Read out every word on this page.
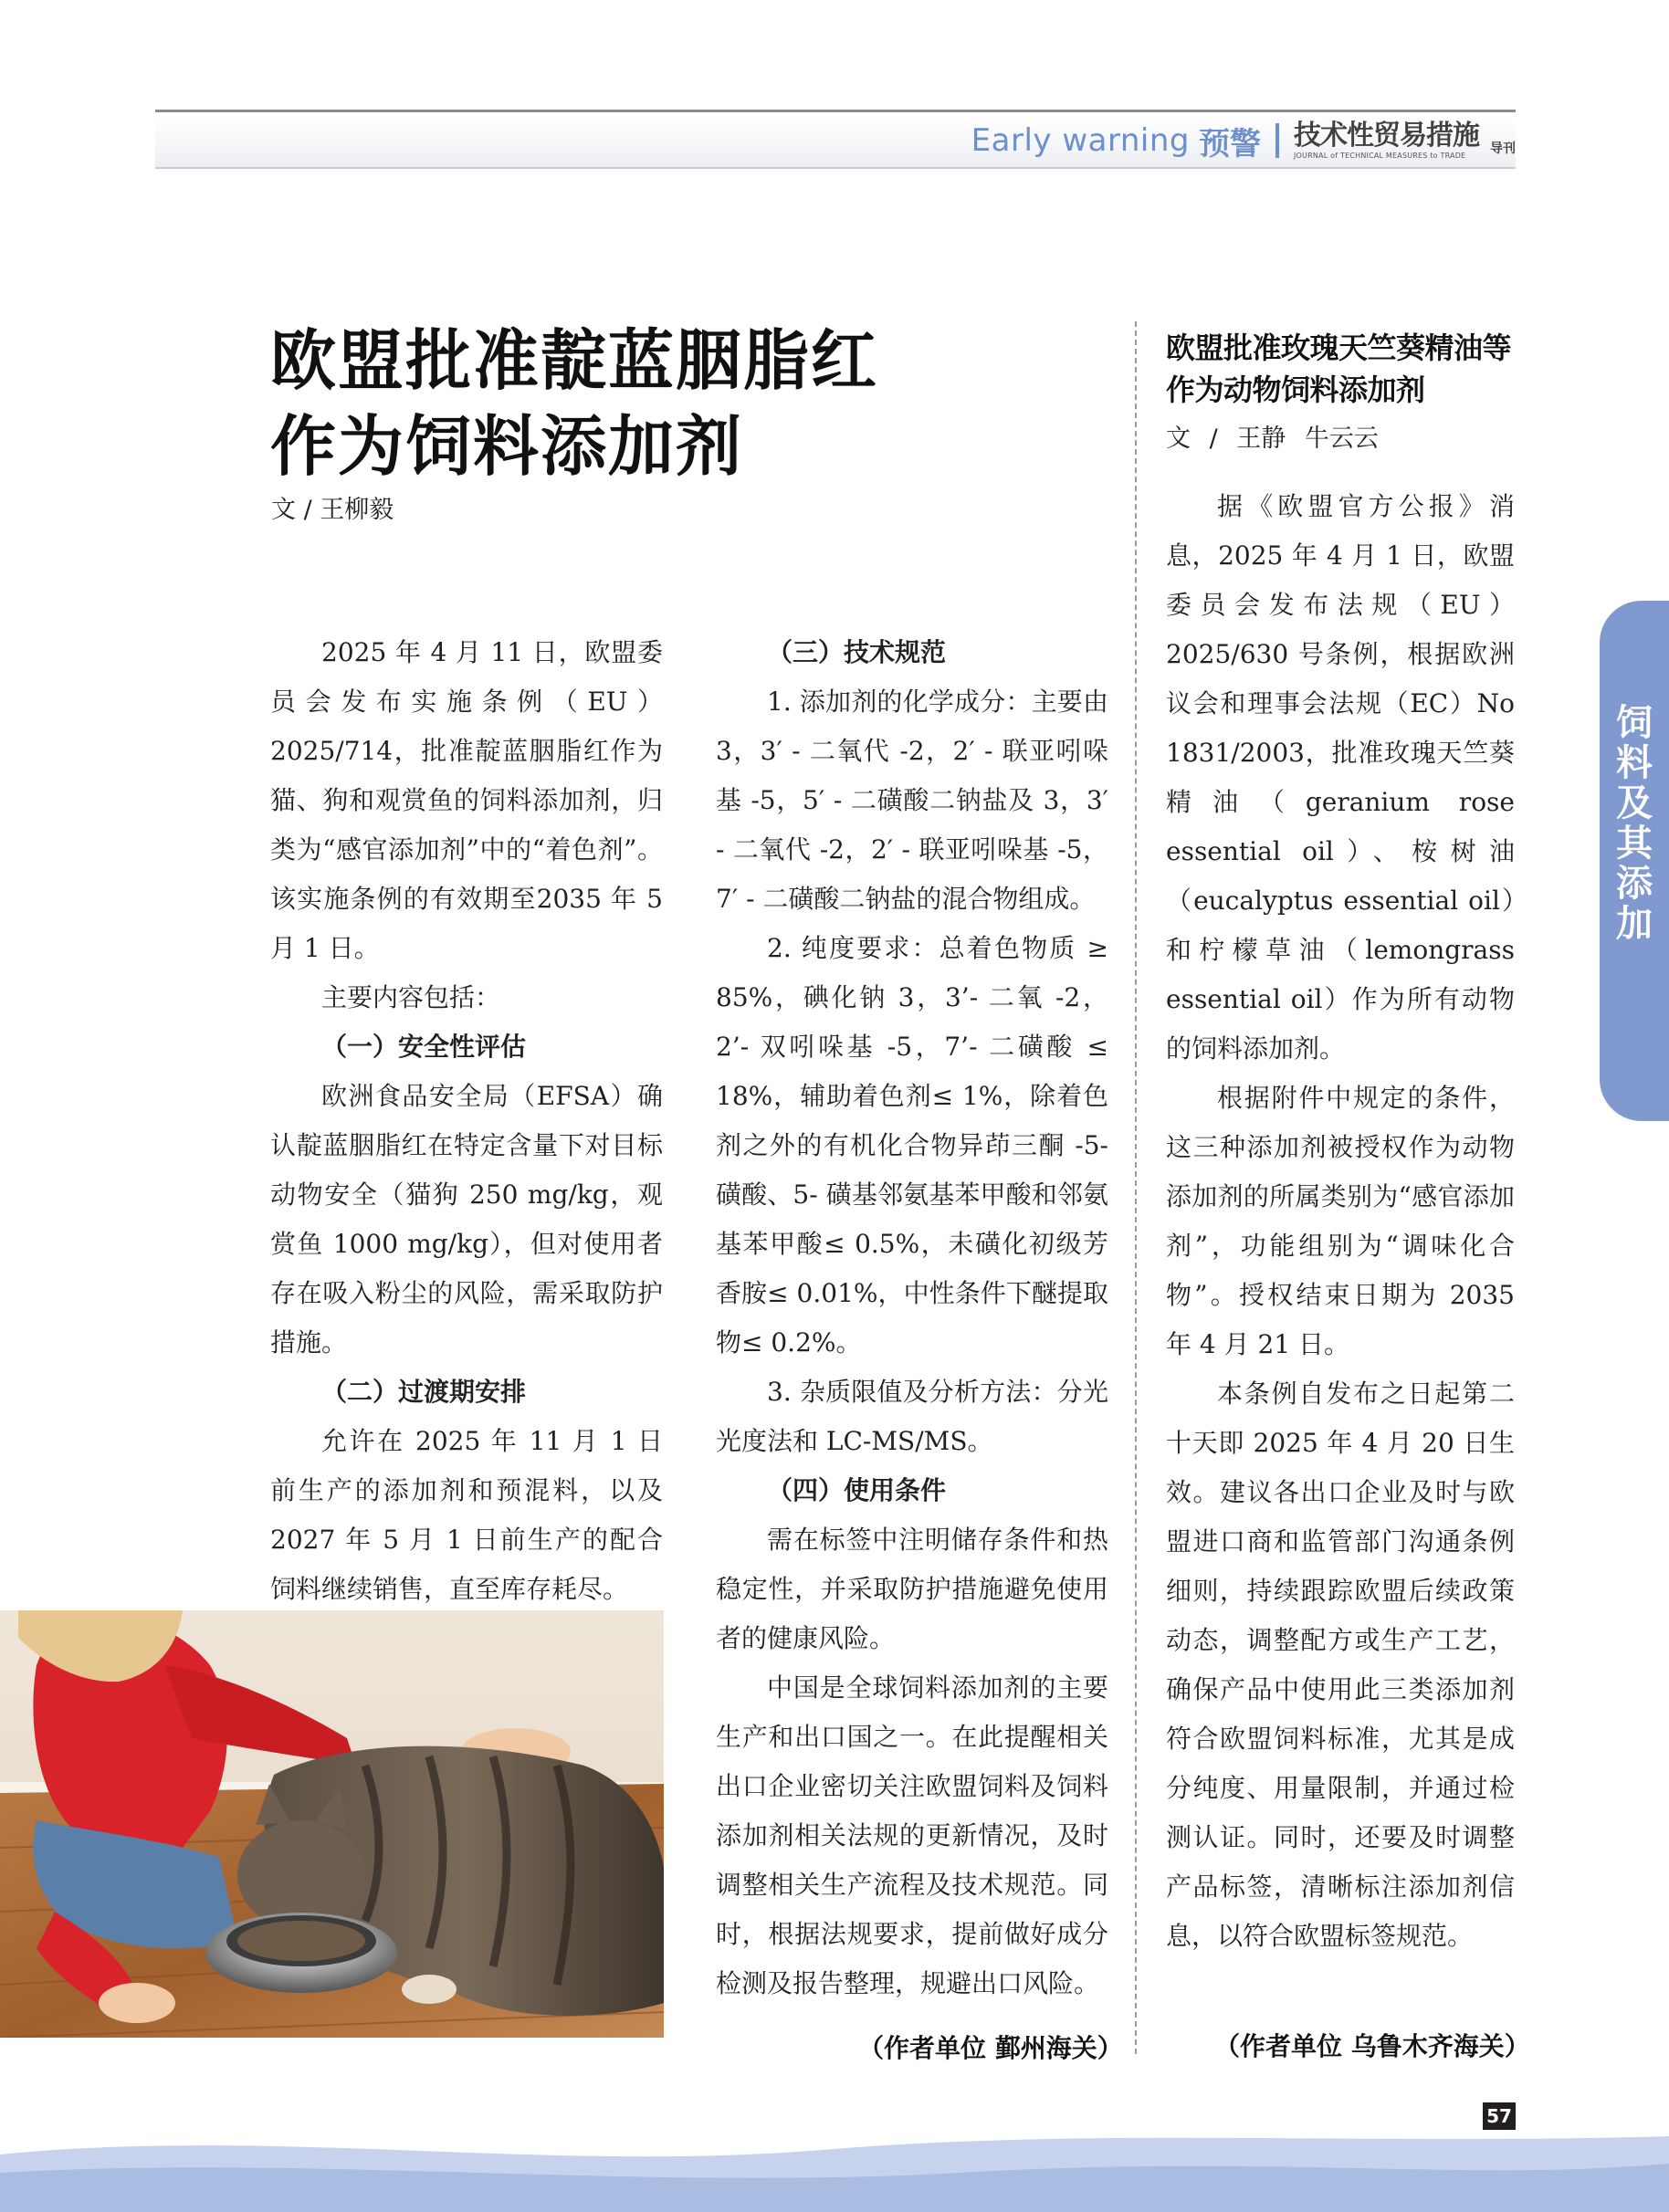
Early warning 预警 技术性贸易措施
JOURNAL of TECHNICAL MEASURES to TRADE	导刊
欧盟批准靛蓝胭脂红
作为饲料添加剂
文 / 王柳毅

2025 年 4 月 11 日，欧盟委员会发布实施条例（EU）2025/714，批准靛蓝胭脂红作为猫、狗和观赏鱼的饲料添加剂，归类为“感官添加剂”中的“着色剂”。该实施条例的有效期至2035 年 5 月 1 日。

主要内容包括：

（一）安全性评估

欧洲食品安全局（EFSA）确认靛蓝胭脂红在特定含量下对目标动物安全（猫狗 250 mg/kg，观赏鱼 1000 mg/kg），但对使用者存在吸入粉尘的风险，需采取防护措施。

（二）过渡期安排

允许在 2025 年 11 月 1 日前生产的添加剂和预混料，以及2027 年 5 月 1 日前生产的配合饲料继续销售，直至库存耗尽。

（三）技术规范

1. 添加剂的化学成分：主要由 3，3′ - 二氧代 -2，2′ - 联亚吲哚基 -5，5′ - 二磺酸二钠盐及 3，3′ - 二氧代 -2，2′ - 联亚吲哚基 -5，7′ - 二磺酸二钠盐的混合物组成。

2. 纯度要求：总着色物质 ≥ 85%，碘化钠 3，3’- 二氧 -2，2’- 双吲哚基 -5，7’- 二磺酸 ≤ 18%，辅助着色剂≤ 1%，除着色剂之外的有机化合物异茚三酮 -5- 磺酸、5- 磺基邻氨基苯甲酸和邻氨基苯甲酸≤ 0.5%，未磺化初级芳香胺≤ 0.01%，中性条件下醚提取物≤ 0.2%。

3. 杂质限值及分析方法：分光光度法和 LC-MS/MS。

（四）使用条件

需在标签中注明储存条件和热稳定性，并采取防护措施避免使用者的健康风险。

中国是全球饲料添加剂的主要生产和出口国之一。在此提醒相关出口企业密切关注欧盟饲料及饲料添加剂相关法规的更新情况，及时调整相关生产流程及技术规范。同时，根据法规要求，提前做好成分检测及报告整理，规避出口风险。

（作者单位 鄞州海关）
欧盟批准玫瑰天竺葵精油等
作为动物饲料添加剂
文 / 王静 牛云云

据《欧盟官方公报》消息，2025 年 4 月 1 日，欧盟委员会发布法规（EU）2025/630 号条例，根据欧洲议会和理事会法规（EC）No 1831/2003，批准玫瑰天竺葵精油（geranium rose essential oil）、桉树油（eucalyptus essential oil）和柠檬草油（lemongrass essential oil）作为所有动物的饲料添加剂。

根据附件中规定的条件，这三种添加剂被授权作为动物添加剂的所属类别为“感官添加剂”，功能组别为“调味化合物”。授权结束日期为 2035 年 4 月 21 日。

本条例自发布之日起第二十天即 2025 年 4 月 20 日生效。建议各出口企业及时与欧盟进口商和监管部门沟通条例细则，持续跟踪欧盟后续政策动态，调整配方或生产工艺，确保产品中使用此三类添加剂符合欧盟饲料标准，尤其是成分纯度、用量限制，并通过检测认证。同时，还要及时调整产品标签，清晰标注添加剂信息，以符合欧盟标签规范。

（作者单位 乌鲁木齐海关）
饲料及其添加
57
